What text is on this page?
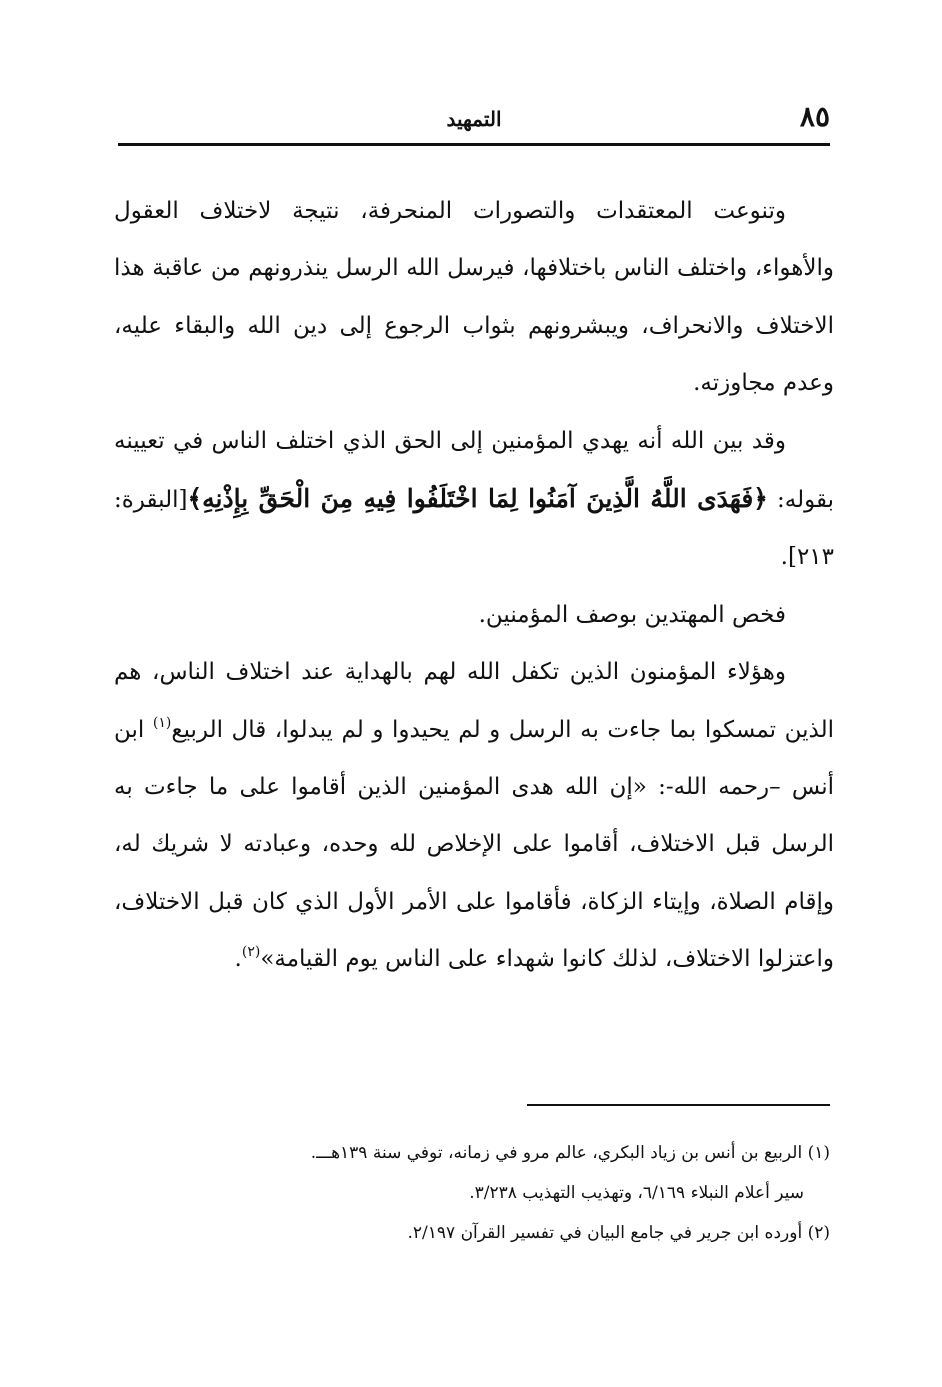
٨٥
التمهيد

وتنوعت المعتقدات والتصورات المنحرفة، نتيجة لاختلاف العقول والأهواء، واختلف الناس باختلافها، فيرسل الله الرسل ينذرونهم من عاقبة هذا الاختلاف والانحراف، ويبشرونهم بثواب الرجوع إلى دين الله والبقاء عليه، وعدم مجاوزته.

وقد بين الله أنه يهدي المؤمنين إلى الحق الذي اختلف الناس في تعيينه بقوله: ﴿فَهَدَى اللَّهُ الَّذِينَ آمَنُوا لِمَا اخْتَلَفُوا فِيهِ مِنَ الْحَقِّ بِإِذْنِهِ﴾[البقرة: ٢١٣].

فخص المهتدين بوصف المؤمنين.

وهؤلاء المؤمنون الذين تكفل الله لهم بالهداية عند اختلاف الناس، هم الذين تمسكوا بما جاءت به الرسل و لم يحيدوا و لم يبدلوا، قال الربيع$^{(١)}$ ابن أنس –رحمه الله-: «إن الله هدى المؤمنين الذين أقاموا على ما جاءت به الرسل قبل الاختلاف، أقاموا على الإخلاص لله وحده، وعبادته لا شريك له، وإقام الصلاة، وإيتاء الزكاة، فأقاموا على الأمر الأول الذي كان قبل الاختلاف، واعتزلوا الاختلاف، لذلك كانوا شهداء على الناس يوم القيامة»$^{(٢)}$.

(١) الربيع بن أنس بن زياد البكري، عالم مرو في زمانه، توفي سنة ١٣٩هـــ.

سير أعلام النبلاء ٦/١٦٩، وتهذيب التهذيب ٣/٢٣٨.

(٢) أورده ابن جرير في جامع البيان في تفسير القرآن ٢/١٩٧.
